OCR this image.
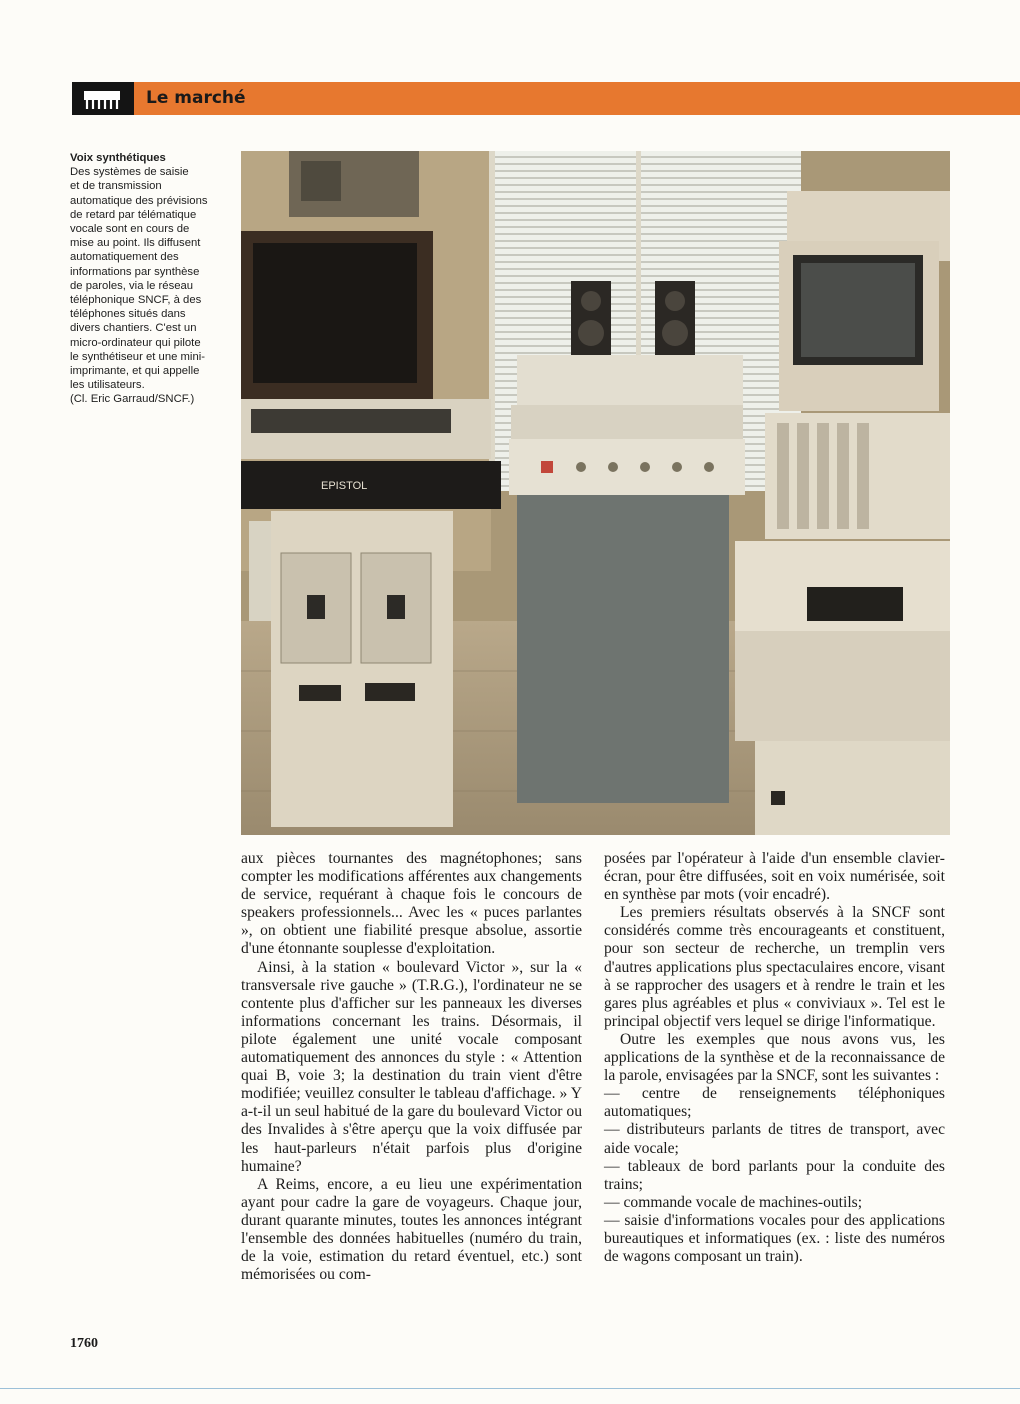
Le marché
Voix synthétiques
Des systèmes de saisie
et de transmission
automatique des prévisions
de retard par télématique
vocale sont en cours de
mise au point. Ils diffusent
automatiquement des
informations par synthèse
de paroles, via le réseau
téléphonique SNCF, à des
téléphones situés dans
divers chantiers. C'est un
micro-ordinateur qui pilote
le synthétiseur et une mini-
imprimante, et qui appelle
les utilisateurs.
(Cl. Eric Garraud/SNCF.)
EPISTOL

aux pièces tournantes des magnétophones; sans compter les modifications afférentes aux changements de service, requérant à chaque fois le concours de speakers professionnels... Avec les « puces parlantes », on obtient une fiabilité presque absolue, assortie d'une étonnante souplesse d'exploitation.

Ainsi, à la station « boulevard Victor », sur la « transversale rive gauche » (T.R.G.), l'ordinateur ne se contente plus d'afficher sur les panneaux les diverses informations concernant les trains. Désormais, il pilote également une unité vocale composant automatiquement des annonces du style : « Attention quai B, voie 3; la destination du train vient d'être modifiée; veuillez consulter le tableau d'affichage. » Y a-t-il un seul habitué de la gare du boulevard Victor ou des Invalides à s'être aperçu que la voix diffusée par les haut-parleurs n'était parfois plus d'origine humaine?

A Reims, encore, a eu lieu une expérimentation ayant pour cadre la gare de voyageurs. Chaque jour, durant quarante minutes, toutes les annonces intégrant l'ensemble des données habituelles (numéro du train, de la voie, estimation du retard éventuel, etc.) sont mémorisées ou com-

posées par l'opérateur à l'aide d'un ensemble clavier-écran, pour être diffusées, soit en voix numérisée, soit en synthèse par mots (voir encadré).

Les premiers résultats observés à la SNCF sont considérés comme très encourageants et constituent, pour son secteur de recherche, un tremplin vers d'autres applications plus spectaculaires encore, visant à se rapprocher des usagers et à rendre le train et les gares plus agréables et plus « conviviaux ». Tel est le principal objectif vers lequel se dirige l'informatique.

Outre les exemples que nous avons vus, les applications de la synthèse et de la reconnaissance de la parole, envisagées par la SNCF, sont les suivantes :

— centre de renseignements téléphoniques automatiques;

— distributeurs parlants de titres de transport, avec aide vocale;

— tableaux de bord parlants pour la conduite des trains;

— commande vocale de machines-outils;

— saisie d'informations vocales pour des applications bureautiques et informatiques (ex. : liste des numéros de wagons composant un train).

1760
